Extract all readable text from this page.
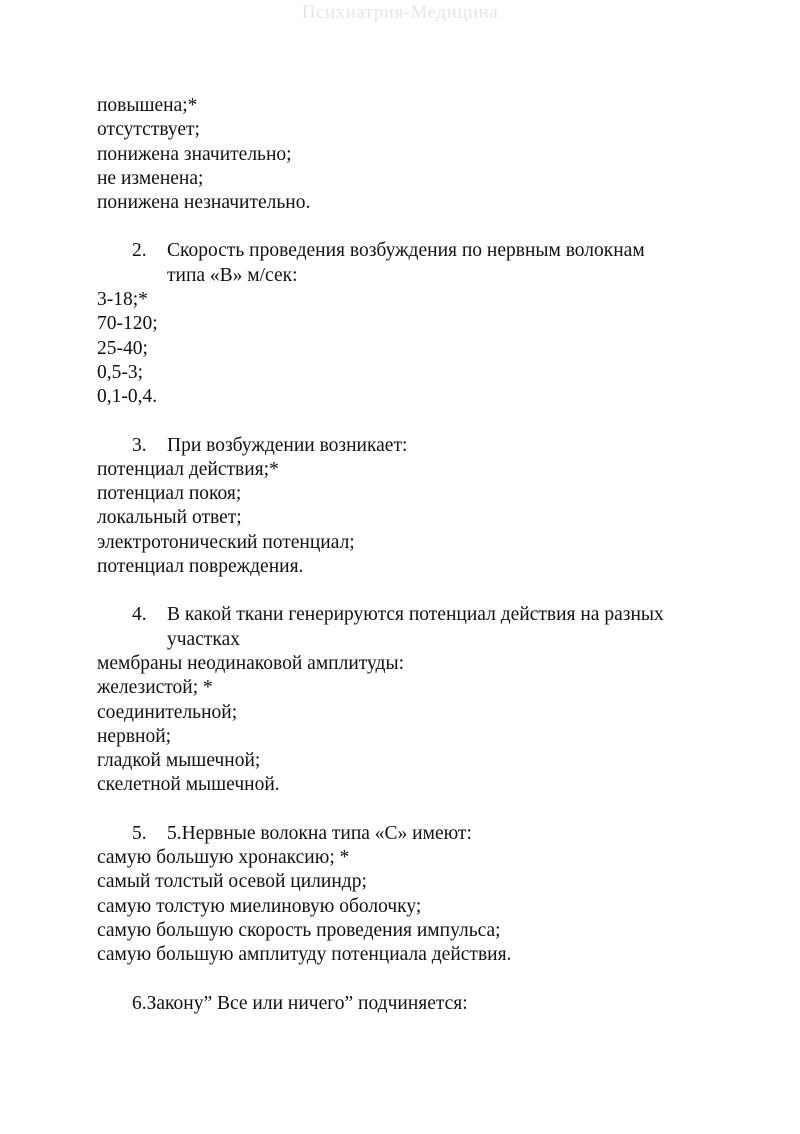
Психиатрия-Медицина
повышена;*
отсутствует;
понижена значительно;
не изменена;
понижена незначительно.
2. Скорость проведения возбуждения по нервным волокнам
типа «В» м/сек:
3-18;*
70-120;
25-40;
0,5-3;
0,1-0,4.
3. При возбуждении возникает:
потенциал действия;*
потенциал покоя;
локальный ответ;
электротонический потенциал;
потенциал повреждения.
4. В какой ткани генерируются потенциал действия на разных
участках
мембраны неодинаковой амплитуды:
железистой; *
соединительной;
нервной;
гладкой мышечной;
скелетной мышечной.
5. 5.Нервные волокна типа «С» имеют:
самую большую хронаксию; *
самый толстый осевой цилиндр;
самую толстую миелиновую оболочку;
самую большую скорость проведения импульса;
самую большую амплитуду потенциала действия.
6.Закону” Все или ничего” подчиняется:
